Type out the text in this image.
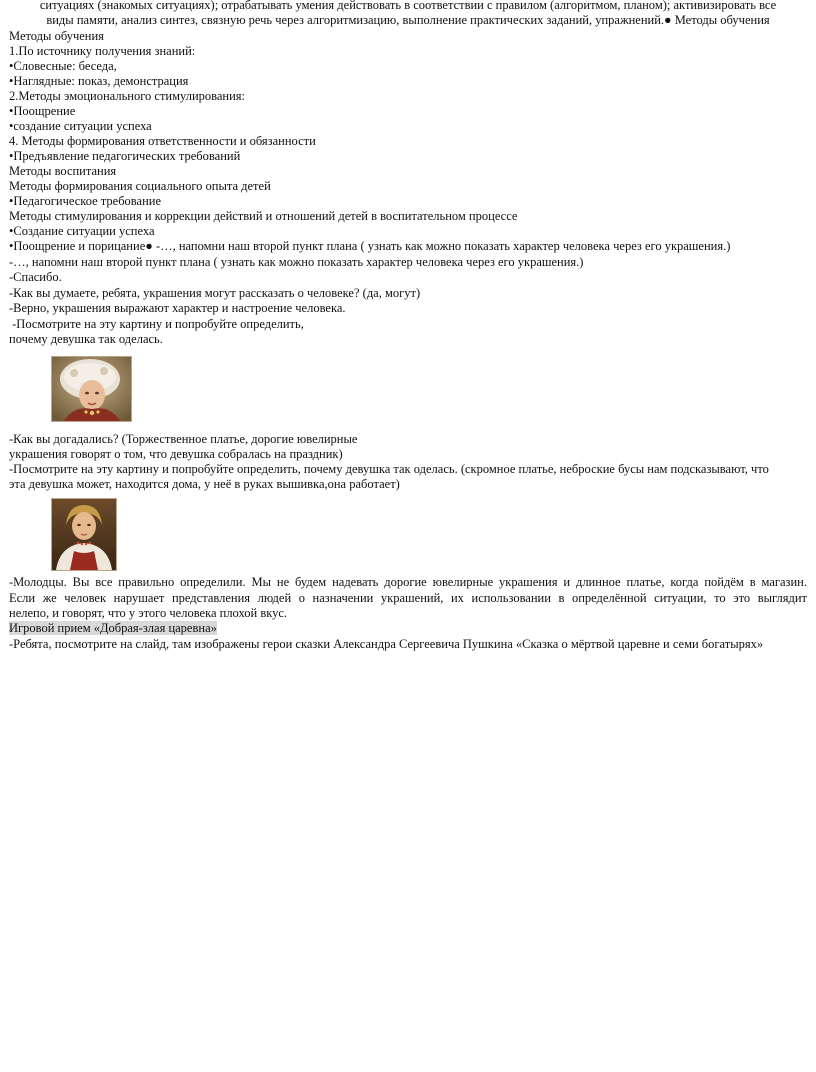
ситуациях (знакомых ситуациях); отрабатывать умения действовать в соответствии с правилом (алгоритмом, планом); активизировать все
виды памяти, анализ синтез, связную речь через алгоритмизацию, выполнение практических заданий, упражнений.● Методы обучения
Методы обучения
1.По источнику получения знаний:
•Словесные: беседа,
•Наглядные: показ, демонстрация
2.Методы эмоционального стимулирования:
•Поощрение
•создание ситуации успеха
4. Методы формирования ответственности и обязанности
•Предъявление педагогических требований
Методы воспитания
Методы формирования социального опыта детей
•Педагогическое требование
Методы стимулирования и коррекции действий и отношений детей в воспитательном процессе
•Создание ситуации успеха
•Поощрение и порицание● -…, напомни наш второй пункт плана ( узнать как можно показать характер человека через его украшения.)
-…, напомни наш второй пункт плана ( узнать как можно показать характер человека через его украшения.)
-Спасибо.
-Как вы думаете, ребята, украшения могут рассказать о человеке? (да, могут)
-Верно, украшения выражают характер и настроение человека.
-Посмотрите на эту картину и попробуйте определить,
почему девушка так оделась.
-Как вы догадались? (Торжественное платье, дорогие ювелирные
украшения говорят о том, что девушка собралась на праздник)
-Посмотрите на эту картину и попробуйте определить, почему девушка так оделась. (скромное платье, неброские бусы нам подсказывают, что
эта девушка может, находится дома, у неё в руках вышивка,она работает)
-Молодцы. Вы все правильно определили. Мы не будем надевать дорогие ювелирные украшения и длинное платье, когда пойдём в магазин.
Если же человек нарушает представления людей о назначении украшений, их использовании в определённой ситуации, то это выглядит
нелепо, и говорят, что у этого человека плохой вкус.
Игровой прием «Добрая-злая царевна»
-Ребята, посмотрите на слайд, там изображены герои сказки Александра Сергеевича Пушкина «Сказка о мёртвой царевне и семи богатырях»
